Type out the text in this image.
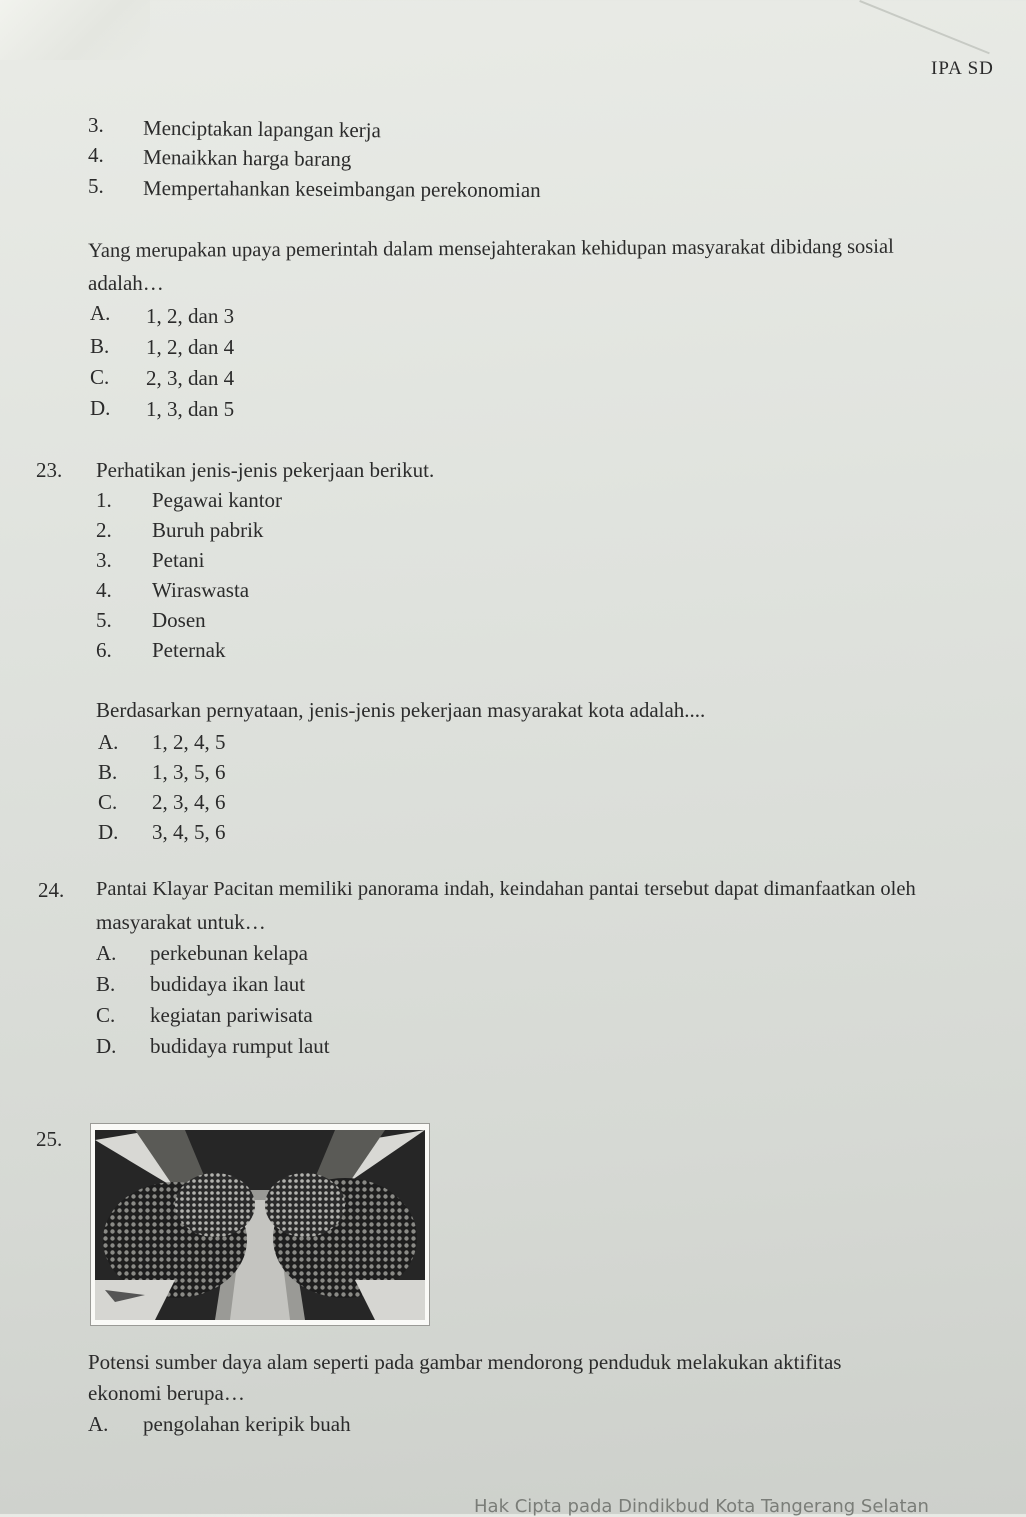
IPA SD
3. Menciptakan lapangan kerja
4. Menaikkan harga barang
5. Mempertahankan keseimbangan perekonomian
Yang merupakan upaya pemerintah dalam mensejahterakan kehidupan masyarakat dibidang sosial
adalah…
A. 1, 2, dan 3
B. 1, 2, dan 4
C. 2, 3, dan 4
D. 1, 3, dan 5
23. Perhatikan jenis-jenis pekerjaan berikut.
1. Pegawai kantor
2. Buruh pabrik
3. Petani
4. Wiraswasta
5. Dosen
6. Peternak
Berdasarkan pernyataan, jenis-jenis pekerjaan masyarakat kota adalah....
A. 1, 2, 4, 5
B. 1, 3, 5, 6
C. 2, 3, 4, 6
D. 3, 4, 5, 6
24. Pantai Klayar Pacitan memiliki panorama indah, keindahan pantai tersebut dapat dimanfaatkan oleh
masyarakat untuk…
A. perkebunan kelapa
B. budidaya ikan laut
C. kegiatan pariwisata
D. budidaya rumput laut
25.
Potensi sumber daya alam seperti pada gambar mendorong penduduk melakukan aktifitas
ekonomi berupa…
A. pengolahan keripik buah
Hak Cipta pada Dindikbud Kota Tangerang Selatan
